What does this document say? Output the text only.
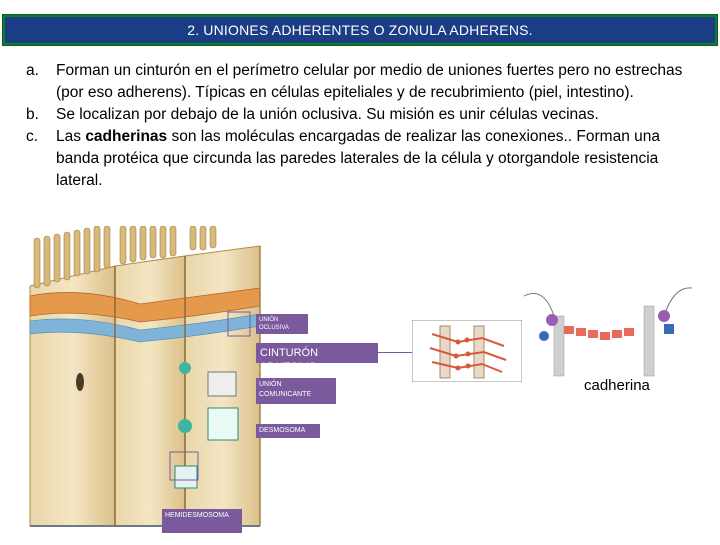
2. UNIONES ADHERENTES O ZONULA ADHERENS.
a. Forman un cinturón en el perímetro celular por medio de uniones fuertes pero no estrechas (por eso adherens). Típicas en células epiteliales y de recubrimiento (piel, intestino).
b. Se localizan por debajo de la unión oclusiva. Su misión es unir células vecinas.
c. Las cadherinas son las moléculas encargadas de realizar las conexiones.. Forman una banda protéica que circunda las paredes laterales de la célula y otorgandole resistencia lateral.
UNIÓN OCLUSIVA
CINTURÓN ADHESIVO
UNIÓN COMUNICANTE
DESMOSOMA
HEMIDESMOSOMA
cadherina
